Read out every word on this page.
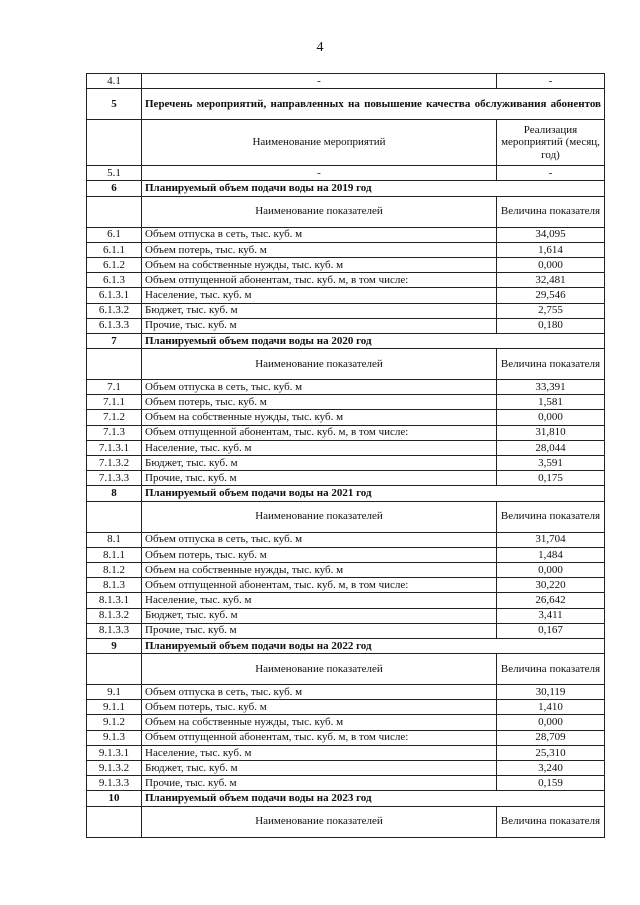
4
4.1	-	-
5	Перечень мероприятий, направленных на повышение качества обслуживания абонентов	
	Наименование мероприятий	Реализация мероприятий (месяц, год)
5.1	-	-
6	Планируемый объем подачи воды на 2019 год	
	Наименование показателей	Величина показателя
6.1	Объем отпуска в сеть, тыс. куб. м	34,095
6.1.1	Объем потерь, тыс. куб. м	1,614
6.1.2	Объем на собственные нужды, тыс. куб. м	0,000
6.1.3	Объем отпущенной абонентам, тыс. куб. м, в том числе:	32,481
6.1.3.1	Население, тыс. куб. м	29,546
6.1.3.2	Бюджет, тыс. куб. м	2,755
6.1.3.3	Прочие, тыс. куб. м	0,180
7	Планируемый объем подачи воды на 2020 год	
	Наименование показателей	Величина показателя
7.1	Объем отпуска в сеть, тыс. куб. м	33,391
7.1.1	Объем потерь, тыс. куб. м	1,581
7.1.2	Объем на собственные нужды, тыс. куб. м	0,000
7.1.3	Объем отпущенной абонентам, тыс. куб. м, в том числе:	31,810
7.1.3.1	Население, тыс. куб. м	28,044
7.1.3.2	Бюджет, тыс. куб. м	3,591
7.1.3.3	Прочие, тыс. куб. м	0,175
8	Планируемый объем подачи воды на 2021 год	
	Наименование показателей	Величина показателя
8.1	Объем отпуска в сеть, тыс. куб. м	31,704
8.1.1	Объем потерь, тыс. куб. м	1,484
8.1.2	Объем на собственные нужды, тыс. куб. м	0,000
8.1.3	Объем отпущенной абонентам, тыс. куб. м, в том числе:	30,220
8.1.3.1	Население, тыс. куб. м	26,642
8.1.3.2	Бюджет, тыс. куб. м	3,411
8.1.3.3	Прочие, тыс. куб. м	0,167
9	Планируемый объем подачи воды на 2022 год	
	Наименование показателей	Величина показателя
9.1	Объем отпуска в сеть, тыс. куб. м	30,119
9.1.1	Объем потерь, тыс. куб. м	1,410
9.1.2	Объем на собственные нужды, тыс. куб. м	0,000
9.1.3	Объем отпущенной абонентам, тыс. куб. м, в том числе:	28,709
9.1.3.1	Население, тыс. куб. м	25,310
9.1.3.2	Бюджет, тыс. куб. м	3,240
9.1.3.3	Прочие, тыс. куб. м	0,159
10	Планируемый объем подачи воды на 2023 год	
	Наименование показателей	Величина показателя
